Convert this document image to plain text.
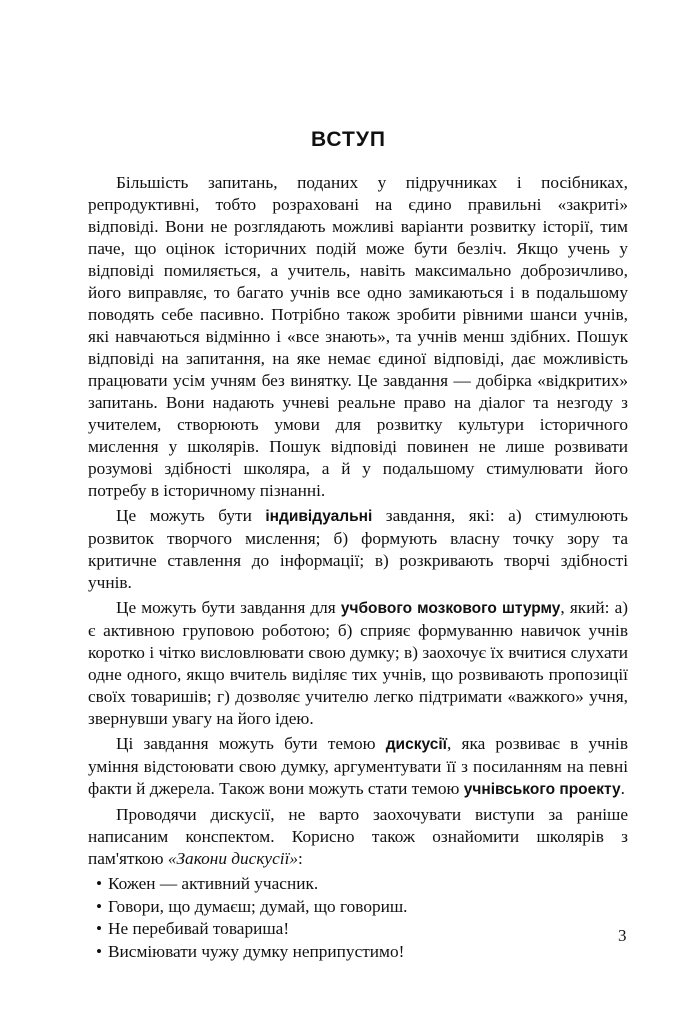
ВСТУП

Більшість запитань, поданих у підручниках і посібниках, репродуктивні, тобто розраховані на єдино правильні «закриті» відповіді. Вони не розглядають можливі варіанти розвитку історії, тим паче, що оцінок історичних подій може бути безліч. Якщо учень у відповіді помиляється, а учитель, навіть максимально доброзичливо, його виправляє, то багато учнів все одно замикаються і в подальшому поводять себе пасивно. Потрібно також зробити рівними шанси учнів, які навчаються відмінно і «все знають», та учнів менш здібних. Пошук відповіді на запитання, на яке немає єдиної відповіді, дає можливість працювати усім учням без винятку. Це завдання — добірка «відкритих» запитань. Вони надають учневі реальне право на діалог та незгоду з учителем, створюють умови для розвитку культури історичного мислення у школярів. Пошук відповіді повинен не лише розвивати розумові здібності школяра, а й у подальшому стимулювати його потребу в історичному пізнанні.

Це можуть бути індивідуальні завдання, які: а) стимулюють розвиток творчого мислення; б) формують власну точку зору та критичне ставлення до інформації; в) розкривають творчі здібності учнів.

Це можуть бути завдання для учбового мозкового штурму, який: а) є активною груповою роботою; б) сприяє формуванню навичок учнів коротко і чітко висловлювати свою думку; в) заохочує їх вчитися слухати одне одного, якщо вчитель виділяє тих учнів, що розвивають пропозиції своїх товаришів; г) дозволяє учителю легко підтримати «важкого» учня, звернувши увагу на його ідею.

Ці завдання можуть бути темою дискусії, яка розвиває в учнів уміння відстоювати свою думку, аргументувати її з посиланням на певні факти й джерела. Також вони можуть стати темою учнівського проекту.

Проводячи дискусії, не варто заохочувати виступи за раніше написаним конспектом. Корисно також ознайомити школярів з пам'яткою «Закони дискусії»:

• Кожен — активний учасник.
• Говори, що думаєш; думай, що говориш.
• Не перебивай товариша!
• Висміювати чужу думку неприпустимо!
3
